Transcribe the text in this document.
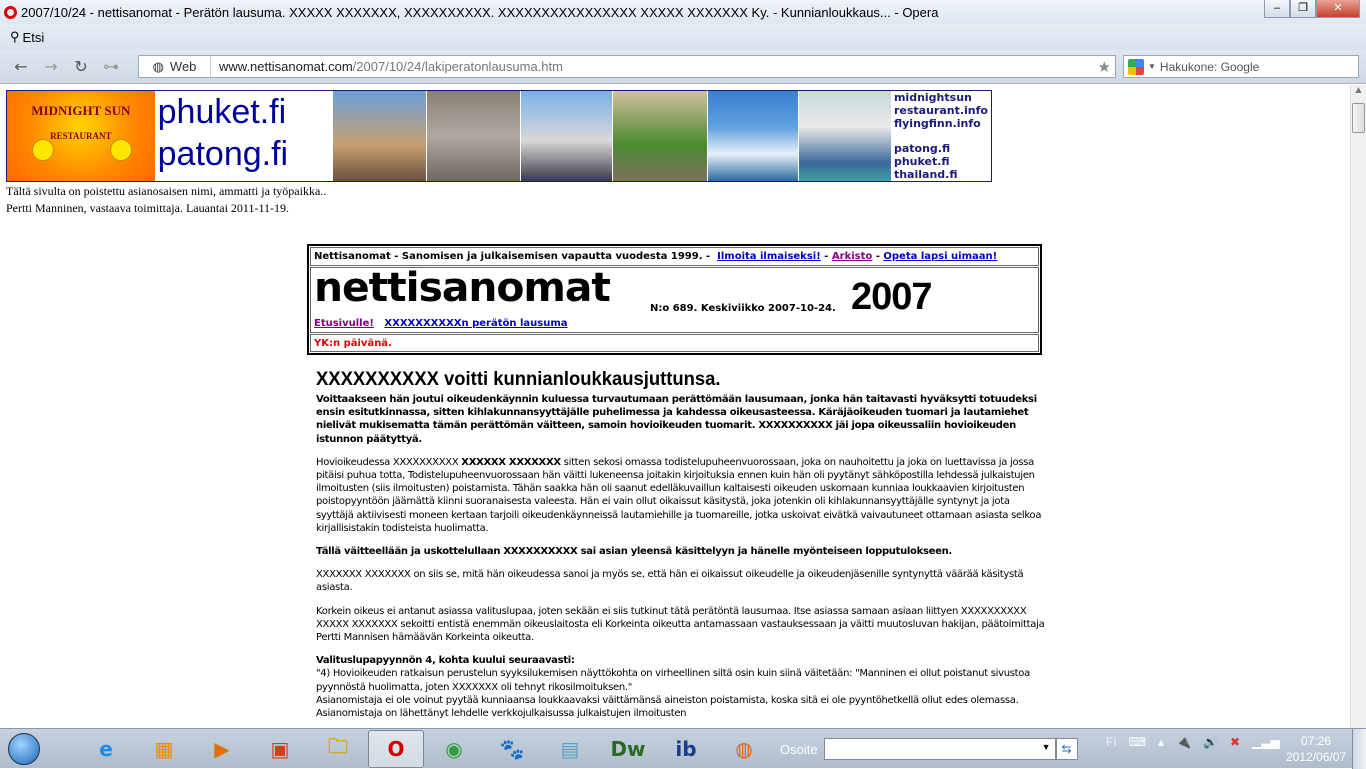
2007/10/24 - nettisanomat - Perätön lausuma. XXXXX XXXXXXX, XXXXXXXXXX. XXXXXXXXXXXXXXXX XXXXX XXXXXXX Ky. - Kunnianloukkaus... - Opera	–	❐	✕
⚲ Etsi
←	→	↻ ⊶	◍ Web	www.nettisanomat.com/2007/10/24/lakiperatonlausuma.htm	★	▼ Hakukone: Google
MIDNIGHT SUN
RESTAURANT
phuket.fi
patong.fi
midnightsun
restaurant.info
flyingfinn.info
patong.fi
phuket.fi
thailand.fi
Tältä sivulta on poistettu asianosaisen nimi, ammatti ja työpaikka..
Pertti Manninen, vastaava toimittaja. Lauantai 2011-11-19.
Nettisanomat - Sanomisen ja julkaisemisen vapautta vuodesta 1999. - Ilmoita ilmaiseksi! - Arkisto - Opeta lapsi uimaan!
nettisanomat	N:o 689. Keskiviikko 2007-10-24. 2007
Etusivulle! XXXXXXXXXXn perätön lausuma
YK:n päivänä.
XXXXXXXXXX voitti kunnianloukkausjuttunsa.

Voittaakseen hän joutui oikeudenkäynnin kuluessa turvautumaan perättömään lausumaan, jonka hän taitavasti hyväksytti totuudeksi ensin esitutkinnassa, sitten kihlakunnansyyttäjälle puhelimessa ja kahdessa oikeusasteessa. Käräjäoikeuden tuomari ja lautamiehet nielivät mukisematta tämän perättömän väitteen, samoin hovioikeuden tuomarit. XXXXXXXXXX jäi jopa oikeussaliin hovioikeuden istunnon päätyttyä.

Hovioikeudessa XXXXXXXXXX XXXXXX XXXXXXX sitten sekosi omassa todistelupuheenvuorossaan, joka on nauhoitettu ja joka on luettavissa ja jossa pitäisi puhua totta, Todistelupuheenvuorossaan hän väitti lukeneensa joitakin kirjoituksia ennen kuin hän oli pyytänyt sähköpostilla lehdessä julkaistujen ilmoitusten (siis ilmoitusten) poistamista. Tähän saakka hän oli saanut edelläkuvaillun kaltaisesti oikeuden uskomaan kunniaa loukkaavien kirjoitusten poistopyyntöön jäämättä kiinni suoranaisesta valeesta. Hän ei vain ollut oikaissut käsitystä, joka jotenkin oli kihlakunnansyyttäjälle syntynyt ja jota syyttäjä aktiivisesti moneen kertaan tarjoili oikeudenkäynneissä lautamiehille ja tuomareille, jotka uskoivat eivätkä vaivautuneet ottamaan asiasta selkoa kirjallisistakin todisteista huolimatta.

Tällä väitteellään ja uskottelullaan XXXXXXXXXX sai asian yleensä käsittelyyn ja hänelle myönteiseen lopputulokseen.

XXXXXXX XXXXXXX on siis se, mitä hän oikeudessa sanoi ja myös se, että hän ei oikaissut oikeudelle ja oikeudenjäsenille syntynyttä väärää käsitystä asiasta.

Korkein oikeus ei antanut asiassa valituslupaa, joten sekään ei siis tutkinut tätä perätöntä lausumaa. Itse asiassa samaan asiaan liittyen XXXXXXXXXX XXXXX XXXXXXX sekoitti entistä enemmän oikeuslaitosta eli Korkeinta oikeutta antamassaan vastauksessaan ja väitti muutosluvan hakijan, päätoimittaja Pertti Mannisen hämäävän Korkeinta oikeutta.

Valituslupapyynnön 4, kohta kuului seuraavasti:
"4) Hovioikeuden ratkaisun perustelun syyksilukemisen näyttökohta on virheellinen siltä osin kuin siinä väitetään: "Manninen ei ollut poistanut sivustoa pyynnöstä huolimatta, joten XXXXXXX oli tehnyt rikosilmoituksen."
Asianomistaja ei ole voinut pyytää kunniaansa loukkaavaksi väittämänsä aineiston poistamista, koska sitä ei ole pyyntöhetkellä ollut edes olemassa. Asianomistaja on lähettänyt lehdelle verkkojulkaisussa julkaistujen ilmoitusten
▲
e ▦ ▶ ▣ 🗀 O ◉ 🐾 ▤ Dw ib ◍ Osoite	▼ ⇆	FI ⌨ ▴ 🔌 🔊 ✖ ▁▃▅	07:26
2012/06/07
